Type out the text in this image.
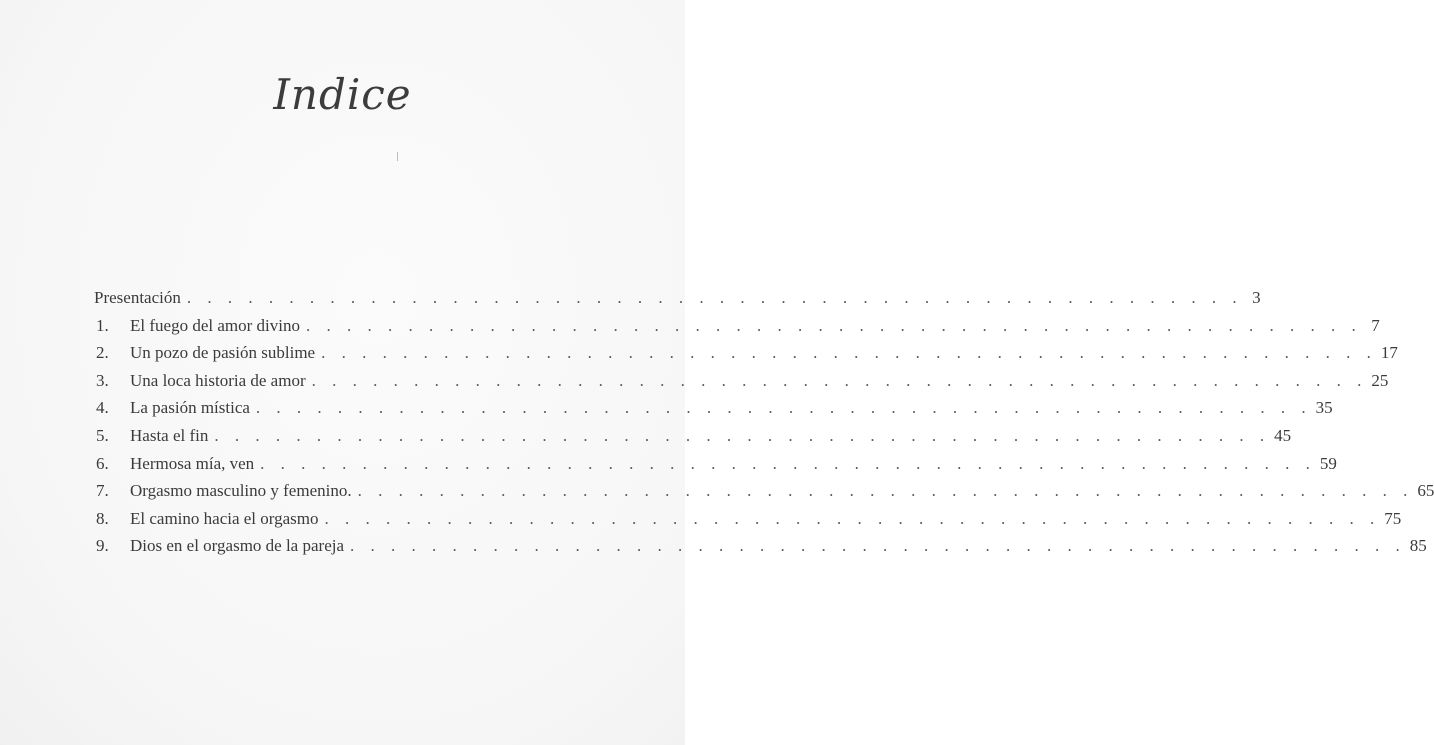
Indice
Presentación . . . . . . . . . . . . . . . . . . . . . . . . . . . . . . . . . . . . . . . . . . . . . . . . . . . . 3
1.	El fuego del amor divino . . . . . . . . . . . . . . . . . . . . . . . . . . . . . . . . . . . . . . . . . . . . . . . . . . . . 7
2.	Un pozo de pasión sublime . . . . . . . . . . . . . . . . . . . . . . . . . . . . . . . . . . . . . . . . . . . . . . . . . . . . 17
3.	Una loca historia de amor . . . . . . . . . . . . . . . . . . . . . . . . . . . . . . . . . . . . . . . . . . . . . . . . . . . . 25
4.	La pasión mística . . . . . . . . . . . . . . . . . . . . . . . . . . . . . . . . . . . . . . . . . . . . . . . . . . . . 35
5.	Hasta el fin . . . . . . . . . . . . . . . . . . . . . . . . . . . . . . . . . . . . . . . . . . . . . . . . . . . . 45
6.	Hermosa mía, ven . . . . . . . . . . . . . . . . . . . . . . . . . . . . . . . . . . . . . . . . . . . . . . . . . . . . 59
7.	Orgasmo masculino y femenino. . . . . . . . . . . . . . . . . . . . . . . . . . . . . . . . . . . . . . . . . . . . . . . . . . . . . 65
8.	El camino hacia el orgasmo . . . . . . . . . . . . . . . . . . . . . . . . . . . . . . . . . . . . . . . . . . . . . . . . . . . . 75
9.	Dios en el orgasmo de la pareja . . . . . . . . . . . . . . . . . . . . . . . . . . . . . . . . . . . . . . . . . . . . . . . . . . . . 85
